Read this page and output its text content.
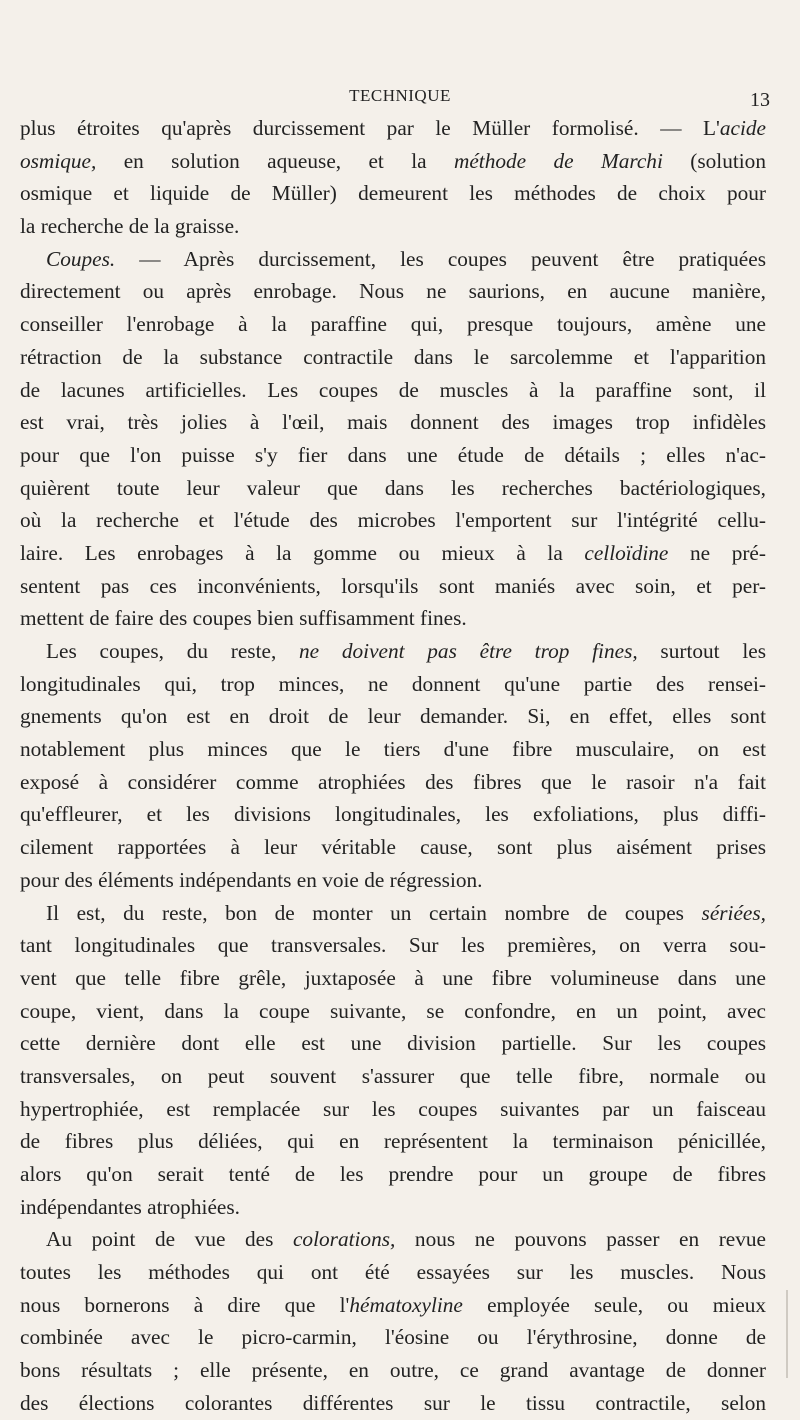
TECHNIQUE	13
plus étroites qu'après durcissement par le Müller formolisé. — L'acide
osmique, en solution aqueuse, et la méthode de Marchi (solution
osmique et liquide de Müller) demeurent les méthodes de choix pour
la recherche de la graisse.
Coupes. — Après durcissement, les coupes peuvent être pratiquées
directement ou après enrobage. Nous ne saurions, en aucune manière,
conseiller l'enrobage à la paraffine qui, presque toujours, amène une
rétraction de la substance contractile dans le sarcolemme et l'apparition
de lacunes artificielles. Les coupes de muscles à la paraffine sont, il
est vrai, très jolies à l'œil, mais donnent des images trop infidèles
pour que l'on puisse s'y fier dans une étude de détails ; elles n'ac-
quièrent toute leur valeur que dans les recherches bactériologiques,
où la recherche et l'étude des microbes l'emportent sur l'intégrité cellu-
laire. Les enrobages à la gomme ou mieux à la celloïdine ne pré-
sentent pas ces inconvénients, lorsqu'ils sont maniés avec soin, et per-
mettent de faire des coupes bien suffisamment fines.
Les coupes, du reste, ne doivent pas être trop fines, surtout les
longitudinales qui, trop minces, ne donnent qu'une partie des rensei-
gnements qu'on est en droit de leur demander. Si, en effet, elles sont
notablement plus minces que le tiers d'une fibre musculaire, on est
exposé à considérer comme atrophiées des fibres que le rasoir n'a fait
qu'effleurer, et les divisions longitudinales, les exfoliations, plus diffi-
cilement rapportées à leur véritable cause, sont plus aisément prises
pour des éléments indépendants en voie de régression.
Il est, du reste, bon de monter un certain nombre de coupes sériées,
tant longitudinales que transversales. Sur les premières, on verra sou-
vent que telle fibre grêle, juxtaposée à une fibre volumineuse dans une
coupe, vient, dans la coupe suivante, se confondre, en un point, avec
cette dernière dont elle est une division partielle. Sur les coupes
transversales, on peut souvent s'assurer que telle fibre, normale ou
hypertrophiée, est remplacée sur les coupes suivantes par un faisceau
de fibres plus déliées, qui en représentent la terminaison pénicillée,
alors qu'on serait tenté de les prendre pour un groupe de fibres
indépendantes atrophiées.
Au point de vue des colorations, nous ne pouvons passer en revue
toutes les méthodes qui ont été essayées sur les muscles. Nous
nous bornerons à dire que l'hématoxyline employée seule, ou mieux
combinée avec le picro-carmin, l'éosine ou l'érythrosine, donne de
bons résultats ; elle présente, en outre, ce grand avantage de donner
des élections colorantes différentes sur le tissu contractile, selon
